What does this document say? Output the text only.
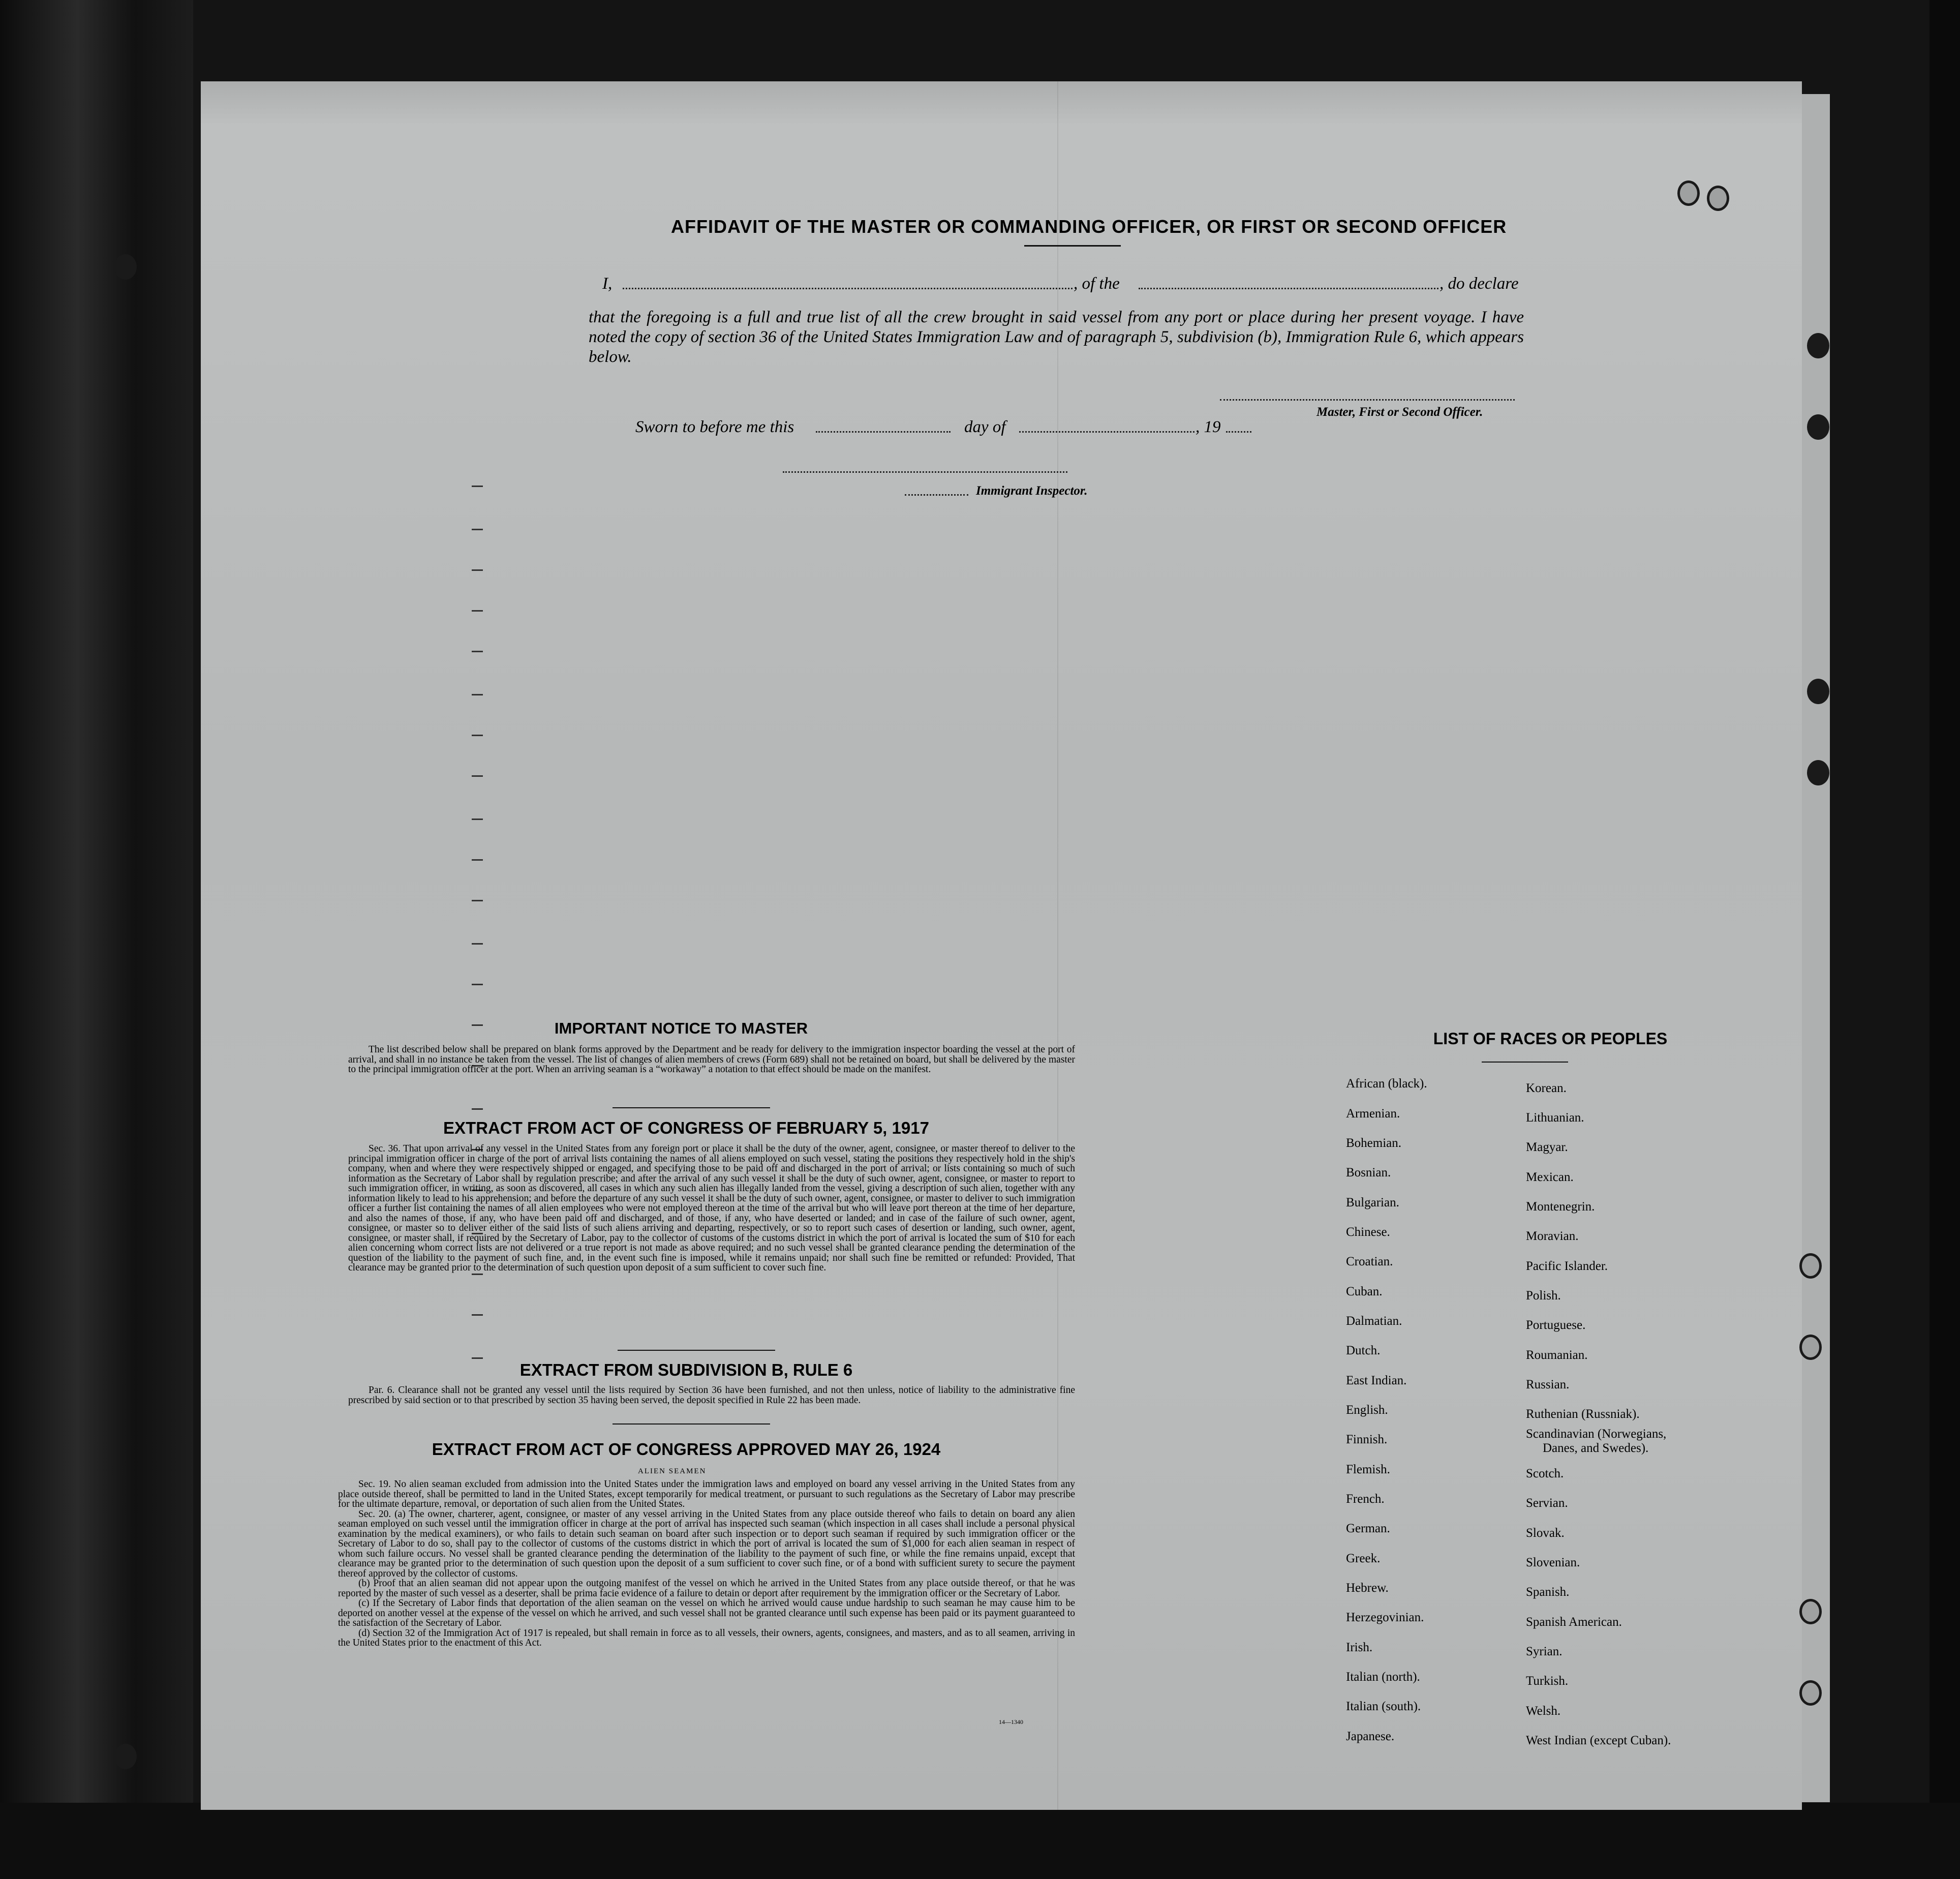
AFFIDAVIT OF THE MASTER OR COMMANDING OFFICER, OR FIRST OR SECOND OFFICER
I,	, of the	, do declare
that the foregoing is a full and true list of all the crew brought in said vessel from any port or place during her present voyage. I have noted the copy of section 36 of the United States Immigration Law and of paragraph 5, subdivision (b), Immigration Rule 6, which appears below.
Master, First or Second Officer.
Sworn to before me this	day of	, 19
Immigrant Inspector.
IMPORTANT NOTICE TO MASTER

The list described below shall be prepared on blank forms approved by the Department and be ready for delivery to the immigration inspector boarding the vessel at the port of arrival, and shall in no instance be taken from the vessel. The list of changes of alien members of crews (Form 689) shall not be retained on board, but shall be delivered by the master to the principal immigration officer at the port. When an arriving seaman is a “workaway” a notation to that effect should be made on the manifest.

EXTRACT FROM ACT OF CONGRESS OF FEBRUARY 5, 1917

Sec. 36. That upon arrival of any vessel in the United States from any foreign port or place it shall be the duty of the owner, agent, consignee, or master thereof to deliver to the principal immigration officer in charge of the port of arrival lists containing the names of all aliens employed on such vessel, stating the positions they respectively hold in the ship's company, when and where they were respectively shipped or engaged, and specifying those to be paid off and discharged in the port of arrival; or lists containing so much of such information as the Secretary of Labor shall by regulation prescribe; and after the arrival of any such vessel it shall be the duty of such owner, agent, consignee, or master to report to such immigration officer, in writing, as soon as discovered, all cases in which any such alien has illegally landed from the vessel, giving a description of such alien, together with any information likely to lead to his apprehension; and before the departure of any such vessel it shall be the duty of such owner, agent, consignee, or master to deliver to such immigration officer a further list containing the names of all alien employees who were not employed thereon at the time of the arrival but who will leave port thereon at the time of her departure, and also the names of those, if any, who have been paid off and discharged, and of those, if any, who have deserted or landed; and in case of the failure of such owner, agent, consignee, or master so to deliver either of the said lists of such aliens arriving and departing, respectively, or so to report such cases of desertion or landing, such owner, agent, consignee, or master shall, if required by the Secretary of Labor, pay to the collector of customs of the customs district in which the port of arrival is located the sum of $10 for each alien concerning whom correct lists are not delivered or a true report is not made as above required; and no such vessel shall be granted clearance pending the determination of the question of the liability to the payment of such fine, and, in the event such fine is imposed, while it remains unpaid; nor shall such fine be remitted or refunded: Provided, That clearance may be granted prior to the determination of such question upon deposit of a sum sufficient to cover such fine.

EXTRACT FROM SUBDIVISION B, RULE 6

Par. 6. Clearance shall not be granted any vessel until the lists required by Section 36 have been furnished, and not then unless, notice of liability to the administrative fine prescribed by said section or to that prescribed by section 35 having been served, the deposit specified in Rule 22 has been made.

EXTRACT FROM ACT OF CONGRESS APPROVED MAY 26, 1924
ALIEN SEAMEN

Sec. 19. No alien seaman excluded from admission into the United States under the immigration laws and employed on board any vessel arriving in the United States from any place outside thereof, shall be permitted to land in the United States, except temporarily for medical treatment, or pursuant to such regulations as the Secretary of Labor may prescribe for the ultimate departure, removal, or deportation of such alien from the United States.

Sec. 20. (a) The owner, charterer, agent, consignee, or master of any vessel arriving in the United States from any place outside thereof who fails to detain on board any alien seaman employed on such vessel until the immigration officer in charge at the port of arrival has inspected such seaman (which inspection in all cases shall include a personal physical examination by the medical examiners), or who fails to detain such seaman on board after such inspection or to deport such seaman if required by such immigration officer or the Secretary of Labor to do so, shall pay to the collector of customs of the customs district in which the port of arrival is located the sum of $1,000 for each alien seaman in respect of whom such failure occurs. No vessel shall be granted clearance pending the determination of the liability to the payment of such fine, or while the fine remains unpaid, except that clearance may be granted prior to the determination of such question upon the deposit of a sum sufficient to cover such fine, or of a bond with sufficient surety to secure the payment thereof approved by the collector of customs.

(b) Proof that an alien seaman did not appear upon the outgoing manifest of the vessel on which he arrived in the United States from any place outside thereof, or that he was reported by the master of such vessel as a deserter, shall be prima facie evidence of a failure to detain or deport after requirement by the immigration officer or the Secretary of Labor.

(c) If the Secretary of Labor finds that deportation of the alien seaman on the vessel on which he arrived would cause undue hardship to such seaman he may cause him to be deported on another vessel at the expense of the vessel on which he arrived, and such vessel shall not be granted clearance until such expense has been paid or its payment guaranteed to the satisfaction of the Secretary of Labor.

(d) Section 32 of the Immigration Act of 1917 is repealed, but shall remain in force as to all vessels, their owners, agents, consignees, and masters, and as to all seamen, arriving in the United States prior to the enactment of this Act.

14—1340
LIST OF RACES OR PEOPLES
African (black).
Armenian.
Bohemian.
Bosnian.
Bulgarian.
Chinese.
Croatian.
Cuban.
Dalmatian.
Dutch.
East Indian.
English.
Finnish.
Flemish.
French.
German.
Greek.
Hebrew.
Herzegovinian.
Irish.
Italian (north).
Italian (south).
Japanese.
Korean.
Lithuanian.
Magyar.
Mexican.
Montenegrin.
Moravian.
Pacific Islander.
Polish.
Portuguese.
Roumanian.
Russian.
Ruthenian (Russniak).
Scandinavian (Norwegians,
Danes, and Swedes).
Scotch.
Servian.
Slovak.
Slovenian.
Spanish.
Spanish American.
Syrian.
Turkish.
Welsh.
West Indian (except Cuban).
